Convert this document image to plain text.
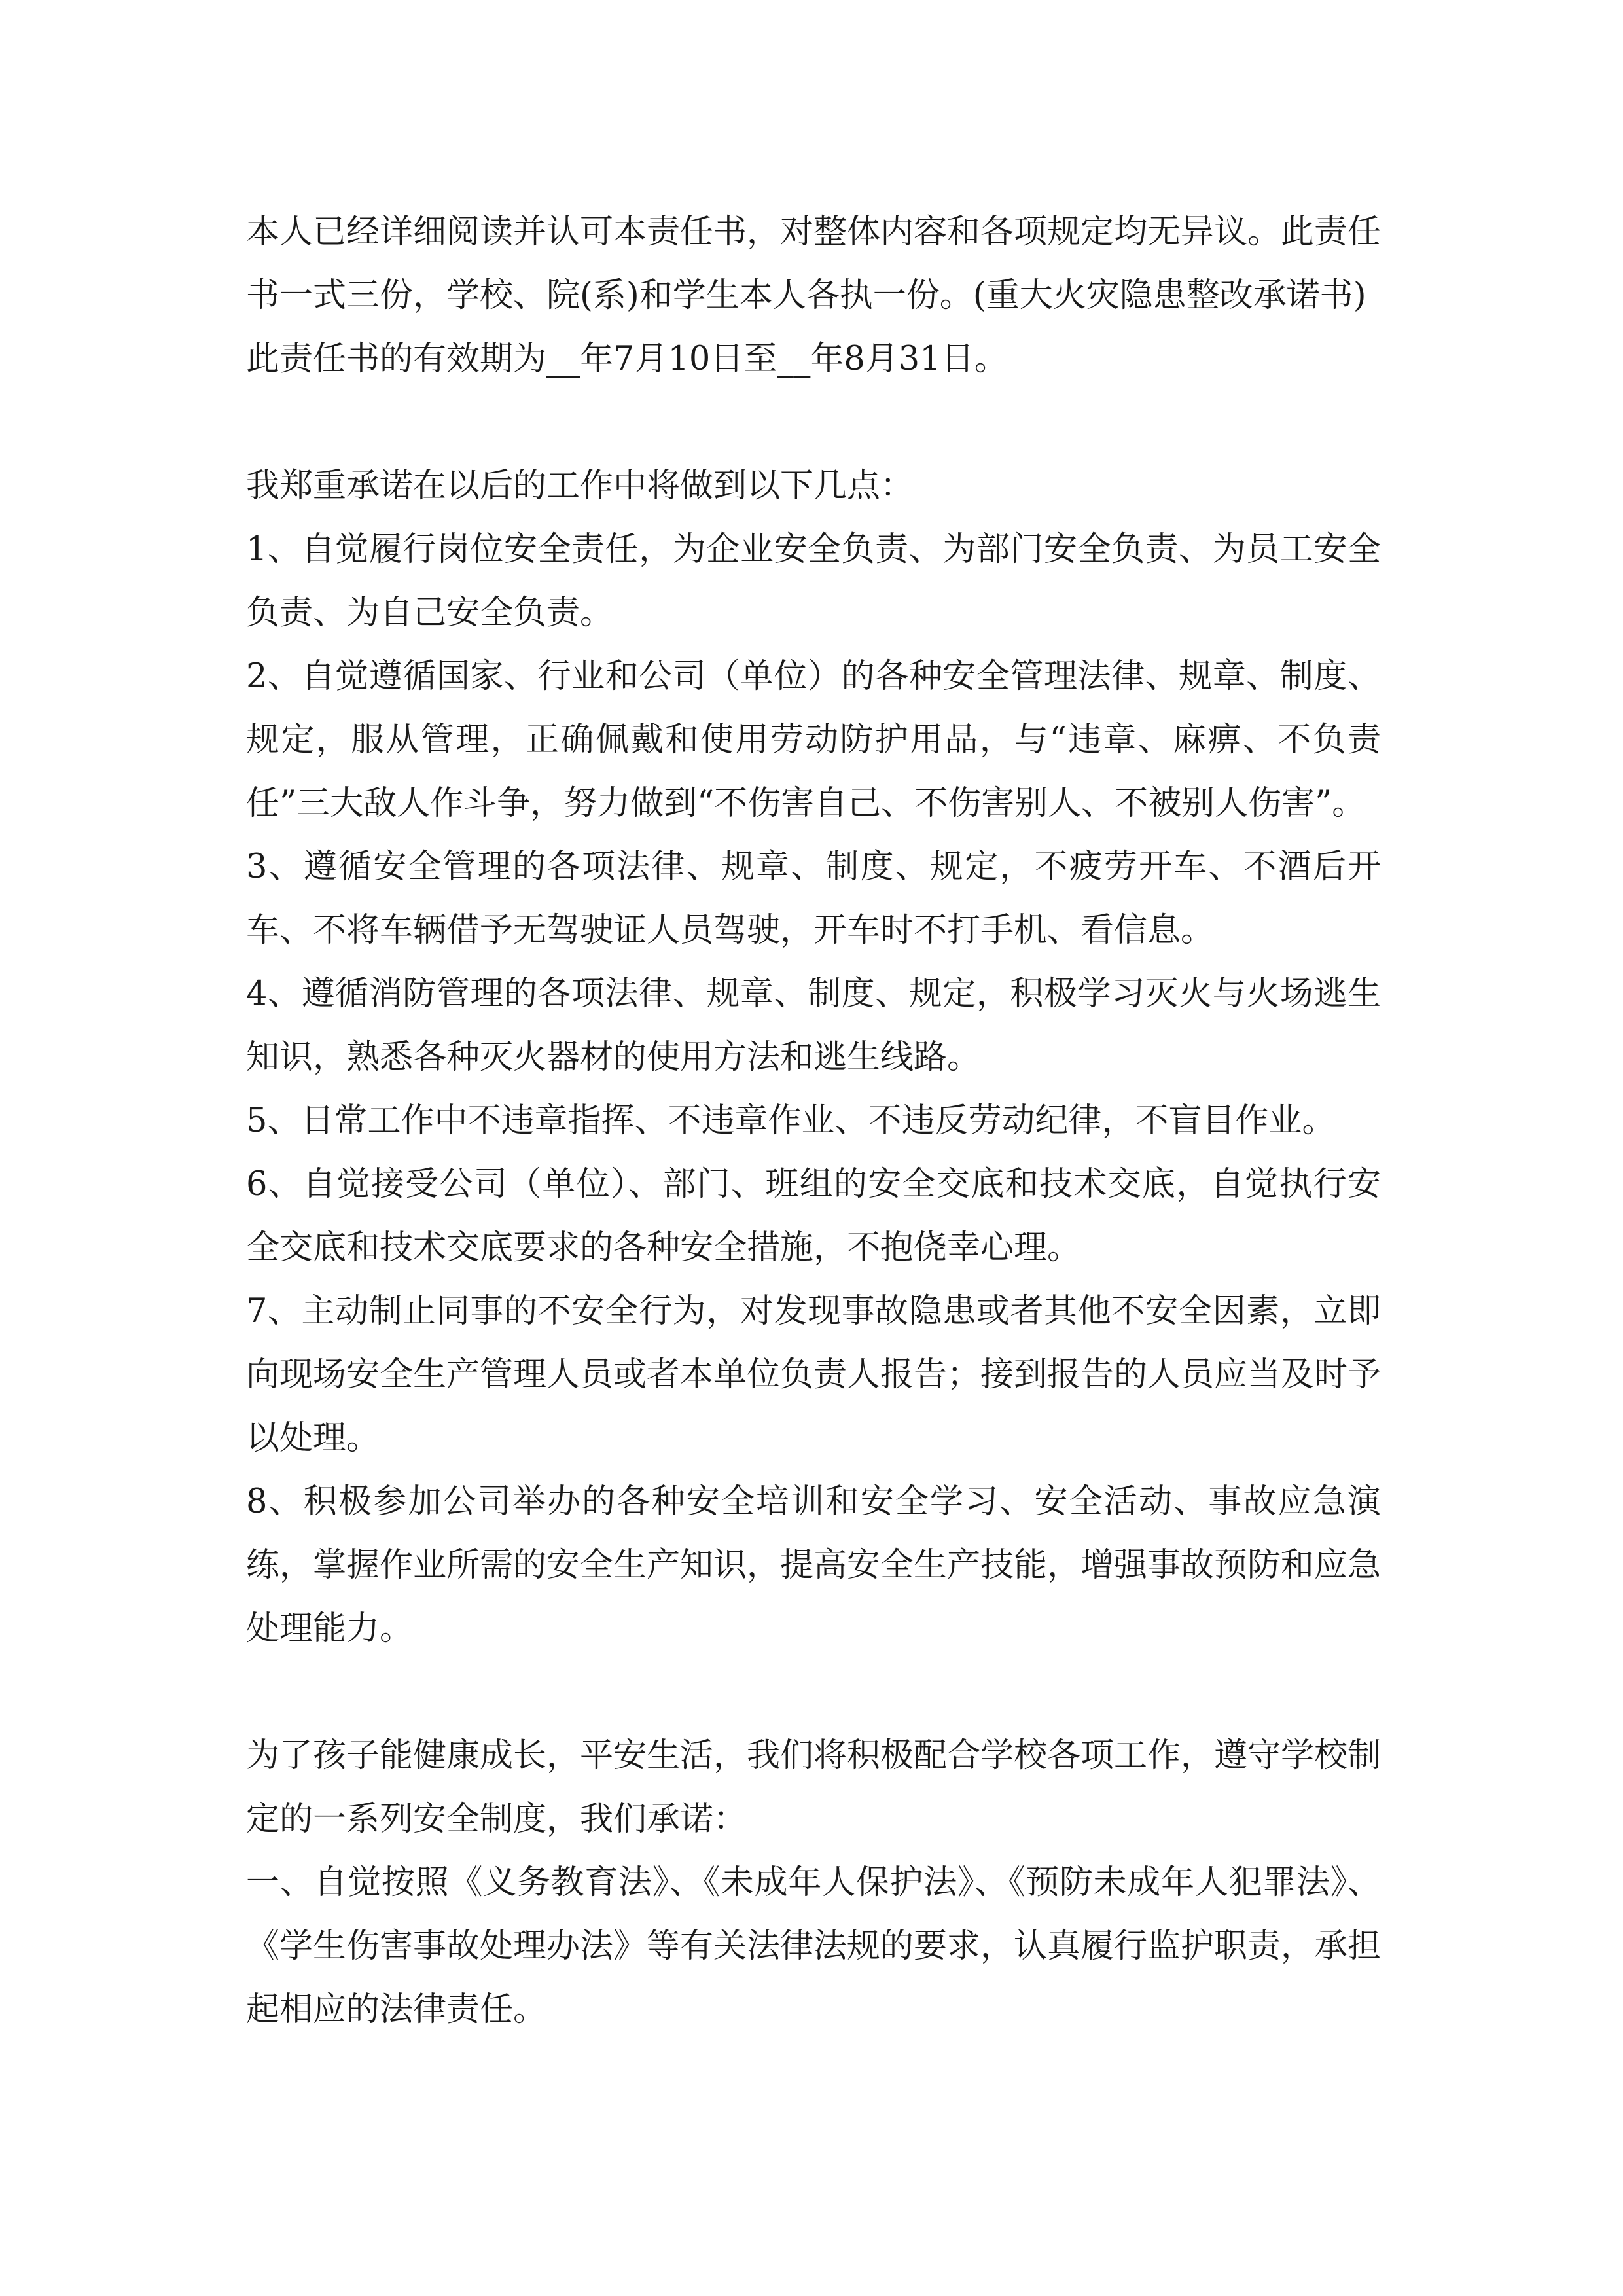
本人已经详细阅读并认可本责任书，对整体内容和各项规定均无异议。此责任书一式三份，学校、院(系)和学生本人各执一份。(重大火灾隐患整改承诺书)

此责任书的有效期为__年7月10日至__年8月31日。

我郑重承诺在以后的工作中将做到以下几点：

1、自觉履行岗位安全责任，为企业安全负责、为部门安全负责、为员工安全负责、为自己安全负责。

2、自觉遵循国家、行业和公司（单位）的各种安全管理法律、规章、制度、规定，服从管理，正确佩戴和使用劳动防护用品，与“违章、麻痹、不负责任”三大敌人作斗争，努力做到“不伤害自己、不伤害别人、不被别人伤害”。

3、遵循安全管理的各项法律、规章、制度、规定，不疲劳开车、不酒后开车、不将车辆借予无驾驶证人员驾驶，开车时不打手机、看信息。

4、遵循消防管理的各项法律、规章、制度、规定，积极学习灭火与火场逃生知识，熟悉各种灭火器材的使用方法和逃生线路。

5、日常工作中不违章指挥、不违章作业、不违反劳动纪律，不盲目作业。

6、自觉接受公司（单位）、部门、班组的安全交底和技术交底，自觉执行安全交底和技术交底要求的各种安全措施，不抱侥幸心理。

7、主动制止同事的不安全行为，对发现事故隐患或者其他不安全因素，立即向现场安全生产管理人员或者本单位负责人报告；接到报告的人员应当及时予以处理。

8、积极参加公司举办的各种安全培训和安全学习、安全活动、事故应急演练，掌握作业所需的安全生产知识，提高安全生产技能，增强事故预防和应急处理能力。

为了孩子能健康成长，平安生活，我们将积极配合学校各项工作，遵守学校制定的一系列安全制度，我们承诺：

一、自觉按照《义务教育法》、《未成年人保护法》、《预防未成年人犯罪法》、《学生伤害事故处理办法》等有关法律法规的要求，认真履行监护职责，承担起相应的法律责任。
